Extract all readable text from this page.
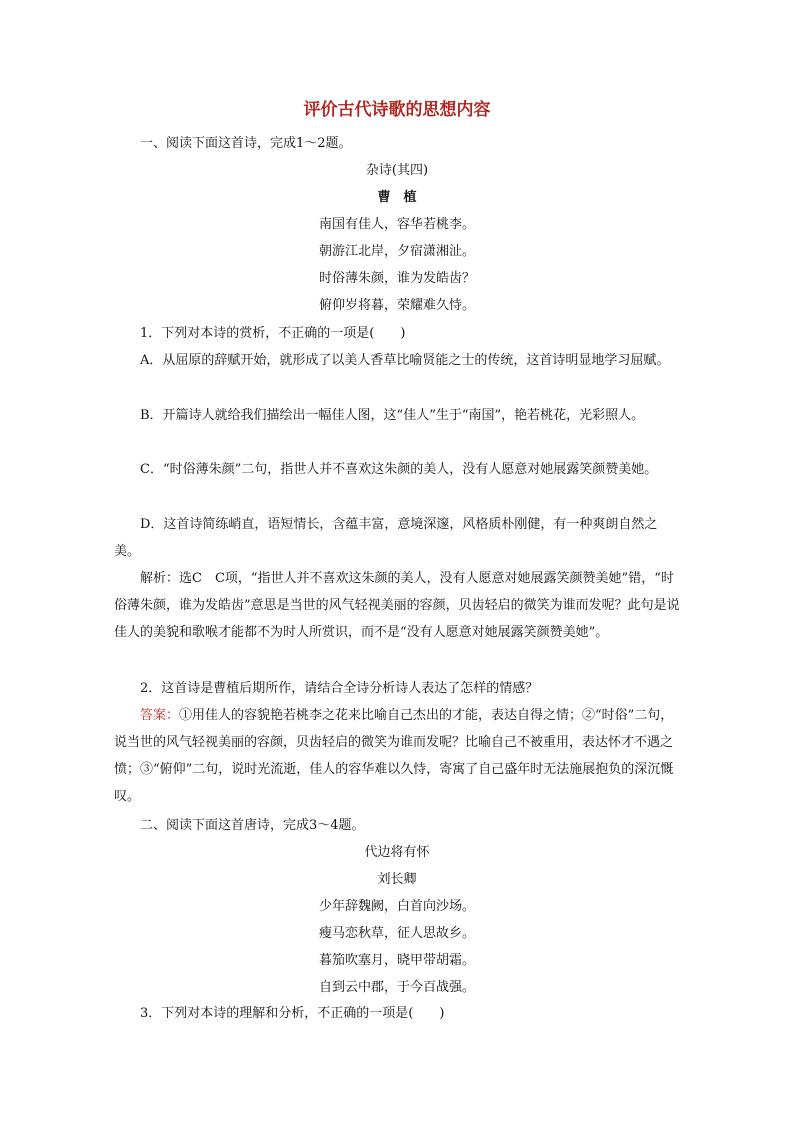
评价古代诗歌的思想内容
一、阅读下面这首诗，完成1～2题。
杂诗(其四)
曹　植
南国有佳人，容华若桃李。
朝游江北岸，夕宿潇湘沚。
时俗薄朱颜，谁为发皓齿？
俯仰岁将暮，荣耀难久恃。
1．下列对本诗的赏析，不正确的一项是(　　)
A．从屈原的辞赋开始，就形成了以美人香草比喻贤能之士的传统，这首诗明显地学习屈赋。
B．开篇诗人就给我们描绘出一幅佳人图，这“佳人”生于“南国”，艳若桃花，光彩照人。
C．“时俗薄朱颜”二句，指世人并不喜欢这朱颜的美人，没有人愿意对她展露笑颜赞美她。
D．这首诗简练峭直，语短情长，含蕴丰富，意境深邃，风格质朴刚健，有一种爽朗自然之美。
解析：选C　C项，“指世人并不喜欢这朱颜的美人，没有人愿意对她展露笑颜赞美她”错，“时俗薄朱颜，谁为发皓齿”意思是当世的风气轻视美丽的容颜，贝齿轻启的微笑为谁而发呢？此句是说佳人的美貌和歌喉才能都不为时人所赏识，而不是“没有人愿意对她展露笑颜赞美她”。
2．这首诗是曹植后期所作，请结合全诗分析诗人表达了怎样的情感？
答案：①用佳人的容貌艳若桃李之花来比喻自己杰出的才能，表达自得之情；②“时俗”二句，说当世的风气轻视美丽的容颜，贝齿轻启的微笑为谁而发呢？比喻自己不被重用，表达怀才不遇之愤；③“俯仰”二句，说时光流逝，佳人的容华难以久恃，寄寓了自己盛年时无法施展抱负的深沉慨叹。
二、阅读下面这首唐诗，完成3～4题。
代边将有怀
刘长卿
少年辞魏阙，白首向沙场。
瘦马恋秋草，征人思故乡。
暮笳吹塞月，晓甲带胡霜。
自到云中郡，于今百战强。
3．下列对本诗的理解和分析，不正确的一项是(　　)
